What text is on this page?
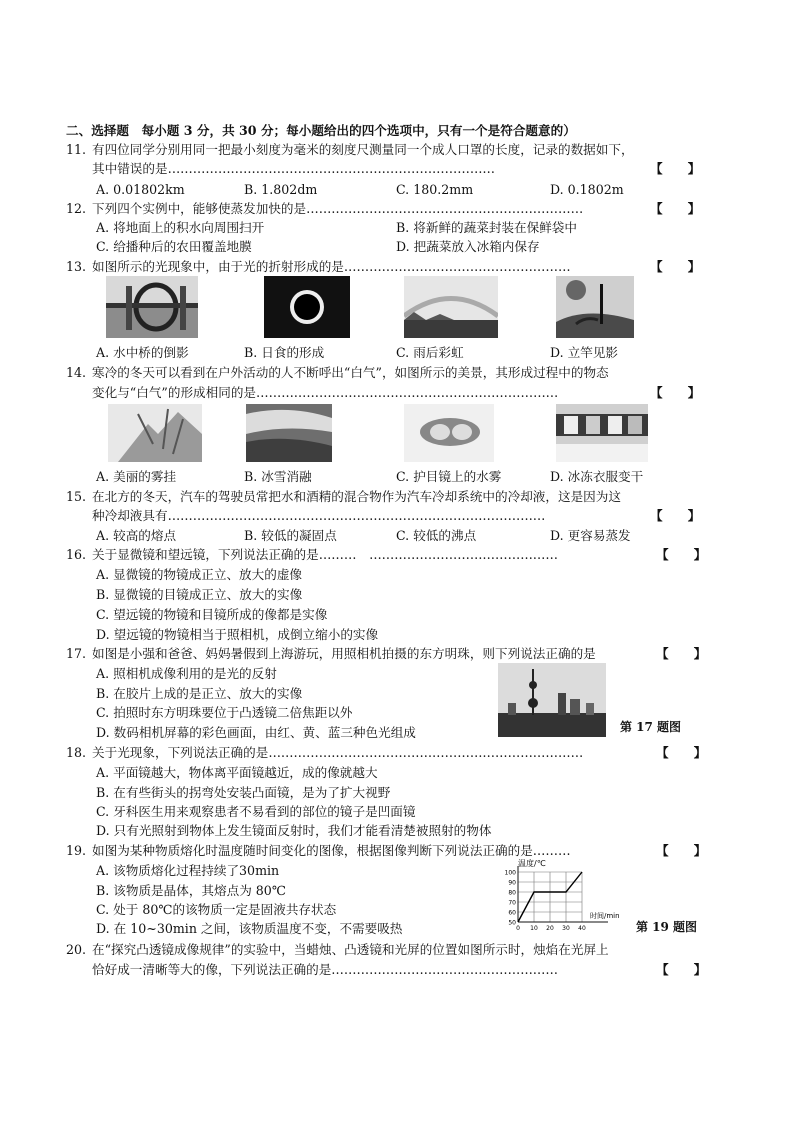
二、选择题　每小题 3 分，共 30 分；每小题给出的四个选项中，只有一个是符合题意的）
11. 有四位同学分别用同一把最小刻度为毫米的刻度尺测量同一个成人口罩的长度，记录的数据如下，
其中错误的是……………………………………………………………………	【　　】
A. 0.01802km	B. 1.802dm	C. 180.2mm	D. 0.1802m
12. 下列四个实例中，能够使蒸发加快的是…………………………………………………………	【　　】
A. 将地面上的积水向周围扫开	B. 将新鲜的蔬菜封装在保鲜袋中
C. 给播种后的农田覆盖地膜	D. 把蔬菜放入冰箱内保存
13. 如图所示的光现象中，由于光的折射形成的是………………………………………………	【　　】
A. 水中桥的倒影	B. 日食的形成	C. 雨后彩虹	D. 立竿见影
14. 寒冷的冬天可以看到在户外活动的人不断呼出“白气”，如图所示的美景，其形成过程中的物态
变化与“白气”的形成相同的是………………………………………………………………	【　　】
A. 美丽的雾挂	B. 冰雪消融	C. 护目镜上的水雾	D. 冰冻衣服变干
15. 在北方的冬天，汽车的驾驶员常把水和酒精的混合物作为汽车冷却系统中的冷却液，这是因为这
种冷却液具有………………………………………………………………………………	【　　】
A. 较高的熔点	B. 较低的凝固点	C. 较低的沸点	D. 更容易蒸发
16. 关于显微镜和望远镜，下列说法正确的是………　………………………………………	【　　】
A. 显微镜的物镜成正立、放大的虚像
B. 显微镜的目镜成正立、放大的实像
C. 望远镜的物镜和目镜所成的像都是实像
D. 望远镜的物镜相当于照相机，成倒立缩小的实像
17. 如图是小强和爸爸、妈妈暑假到上海游玩，用照相机拍摄的东方明珠，则下列说法正确的是	【　　】
A. 照相机成像利用的是光的反射
B. 在胶片上成的是正立、放大的实像
C. 拍照时东方明珠要位于凸透镜二倍焦距以外
D. 数码相机屏幕的彩色画面，由红、黄、蓝三种色光组成	第 17 题图
18. 关于光现象，下列说法正确的是…………………………………………………………………	【　　】
A. 平面镜越大，物体离平面镜越近，成的像就越大
B. 在有些街头的拐弯处安装凸面镜，是为了扩大视野
C. 牙科医生用来观察患者不易看到的部位的镜子是凹面镜
D. 只有光照射到物体上发生镜面反射时，我们才能看清楚被照射的物体
19. 如图为某种物质熔化时温度随时间变化的图像，根据图像判断下列说法正确的是………	【　　】
A. 该物质熔化过程持续了30min
B. 该物质是晶体，其熔点为 80℃
C. 处于 80℃的该物质一定是固液共存状态
D. 在 10~30min 之间，该物质温度不变，不需要吸热	50
60
70
80
90
100
0 10 20 30 40
温度/℃
时间/min
第 19 题图
20. 在“探究凸透镜成像规律”的实验中，当蜡烛、凸透镜和光屏的位置如图所示时，烛焰在光屏上
恰好成一清晰等大的像，下列说法正确的是………………………………………………	【　　】
